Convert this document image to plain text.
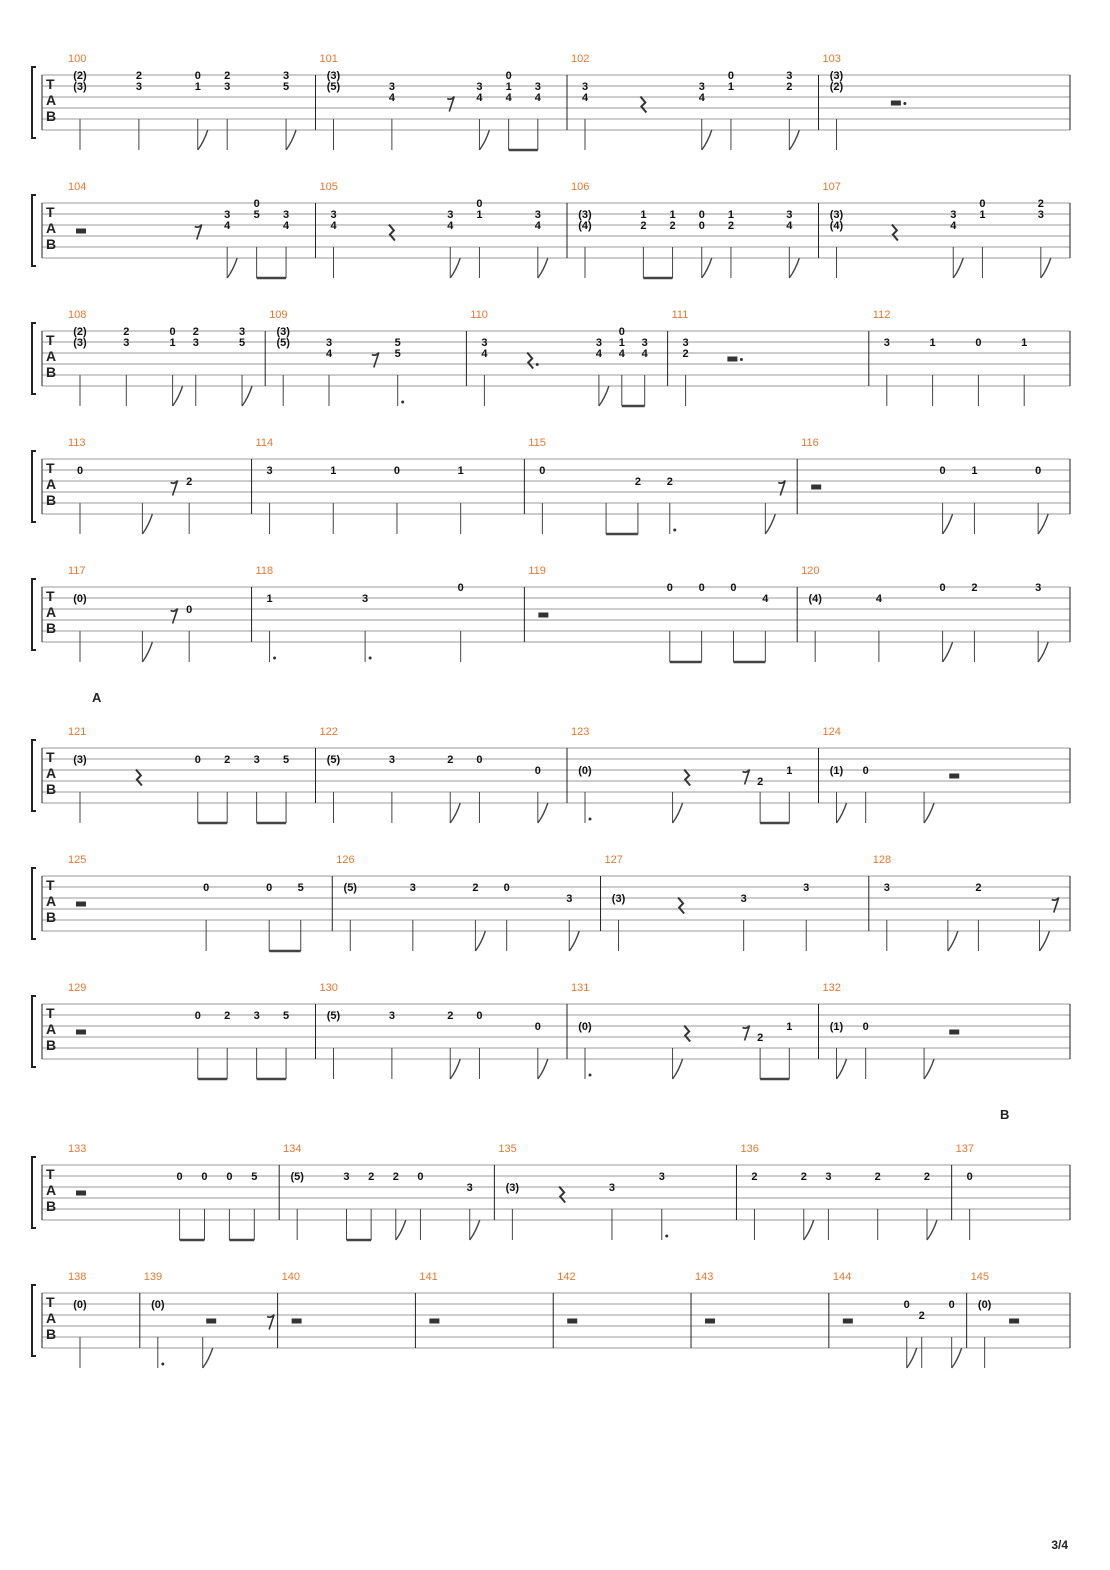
T
A
B
100
(2)
(3)
2
3
0
1
2
3
3
5
101
(3)
(5)	3
4
3
4
0
1
4
3
4
102
3
4
3
4
0
1
3
2
103
(3)
(2)
T
A
B
104
3
4
0
5 3
4
105
3
4
3
4
0
1	3
4
106
(3)
(4)
1
2
1
2
0
0
1
2
3
4
107
(3)
(4)
3
4
0
1
2
3
T
A
B
108
(2)
(3)
2
3
0
1
2
3
3
5
109
(3)
(5)	3
4
5
5
110
3
4
3
4
0
1
4
3
4
111
3
2
112
3	1	0	1
T
A
B
113
0
2
114
3	1	0	1
115
0
2 2
116
0 1	0
T
A
B
117
(0)
0
118
1	3
0
119
0 0 0
4
120
(4)	4
0 2	3
T
A
B
A
121
(3)	0 2 3 5
122
(5)	3	2 0
0
123
(0)
2
1
124
(1) 0
T
A
B
125
0	0 5
126
(5)	3	2 0
3
127
(3)	3
3
128
3	2
T
A
B
129
0 2 3 5
130
(5)	3	2 0
0
131
(0)
2
1
132
(1) 0
T
A
B
B
133
0 0 0 5
134
(5)	3 2 2 0
3
135
(3)	3
3
136
2	2 3	2	2
137
0
T
A
B
138
(0)
139
(0)
140	141	142	143	144
0
2
0
145
(0)
3/4
